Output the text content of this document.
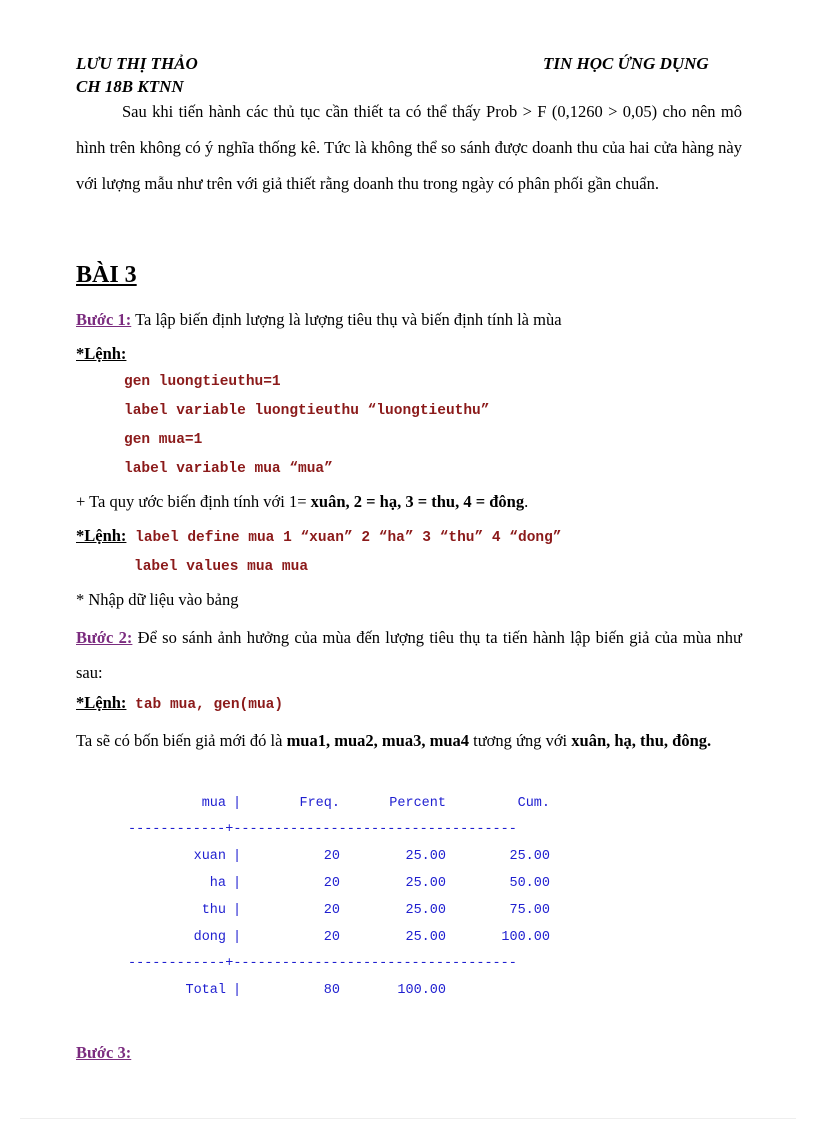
LƯU THỊ THẢO
CH 18B KTNN
TIN HỌC ỨNG DỤNG
Sau khi tiến hành các thủ tục cần thiết ta có thể thấy Prob > F (0,1260 > 0,05) cho nên mô hình trên không có ý nghĩa thống kê. Tức là không thể so sánh được doanh thu của hai cửa hàng này với lượng mẫu như trên với giả thiết rằng doanh thu trong ngày có phân phối gần chuẩn.
BÀI 3
Bước 1: Ta lập biến định lượng là lượng tiêu thụ và biến định tính là mùa
*Lệnh:
gen luongtieuthu=1
label variable luongtieuthu “luongtieuthu”
gen mua=1
label variable mua “mua”
+ Ta quy ước biến định tính với 1= xuân, 2 = hạ, 3 = thu, 4 = đông.
*Lệnh: label define mua 1 “xuan” 2 “ha” 3 “thu” 4 “dong”
label values mua mua
* Nhập dữ liệu vào bảng
Bước 2: Để so sánh ảnh hưởng của mùa đến lượng tiêu thụ ta tiến hành lập biến giả của mùa như sau:
*Lệnh: tab mua, gen(mua)
Ta sẽ có bốn biến giả mới đó là mua1, mua2, mua3, mua4 tương ứng với xuân, hạ, thu, đông.
mua |	Freq.	Percent	Cum.
------------+-----------------------------------
xuan |	20	25.00	25.00
ha |	20	25.00	50.00
thu |	20	25.00	75.00
dong |	20	25.00	100.00
------------+-----------------------------------
Total |	80	100.00
Bước 3:
